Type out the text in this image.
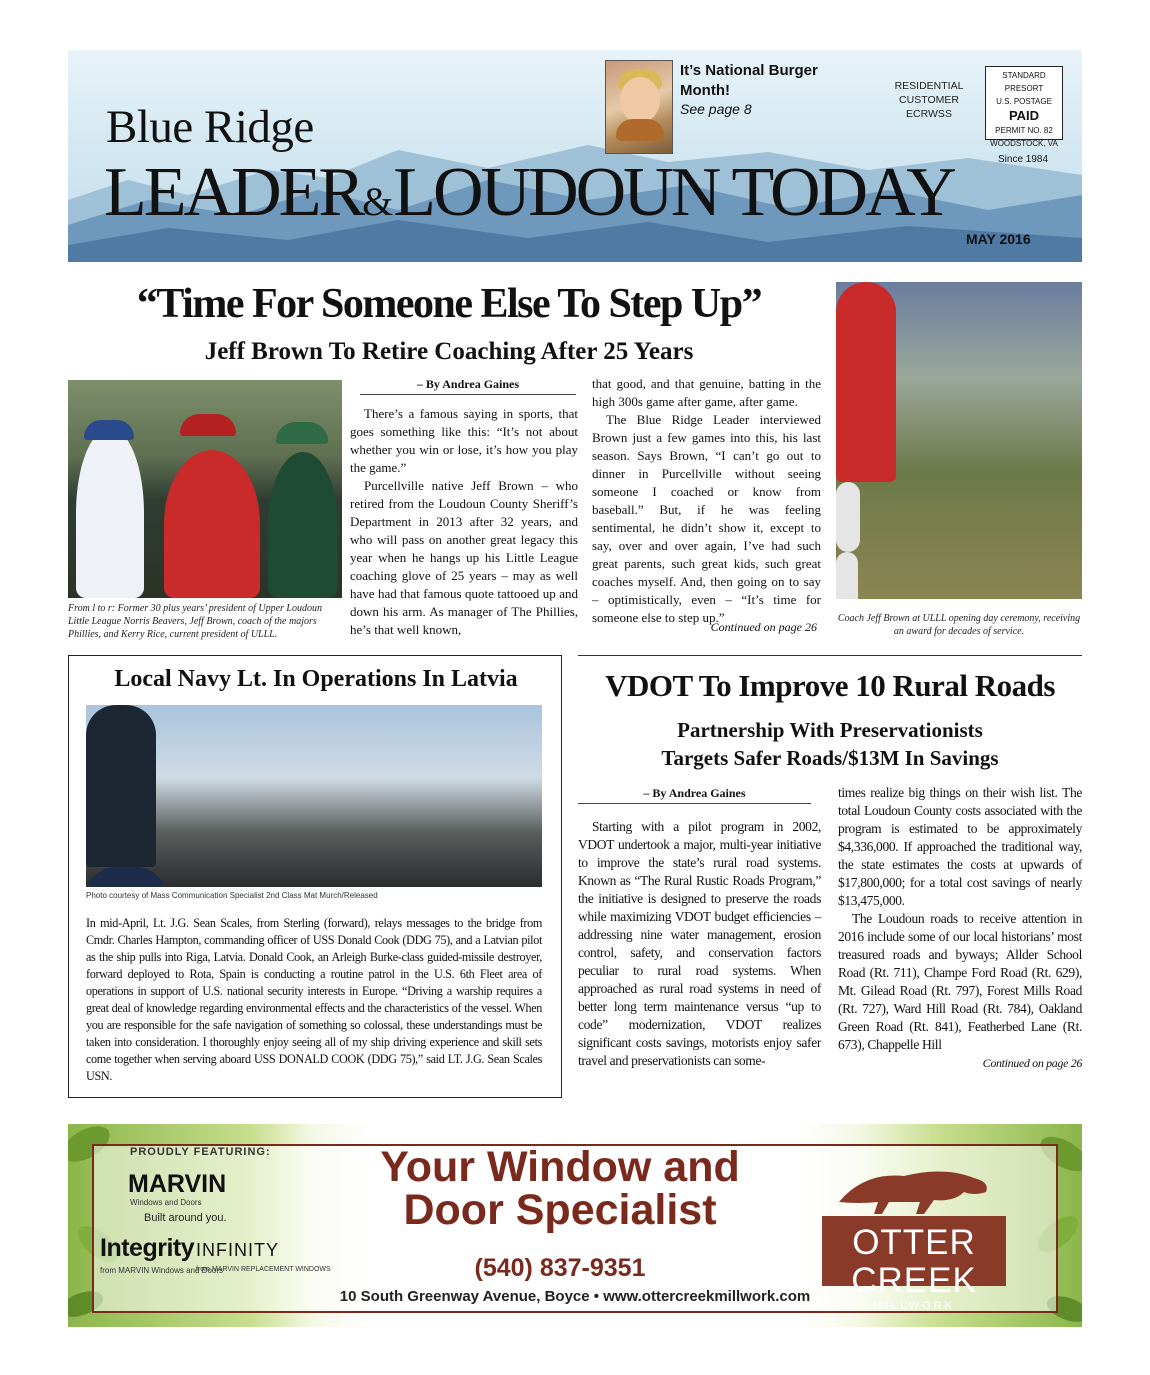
It’s National Burger Month!
See page 8
RESIDENTIAL
CUSTOMER
ECRWSS
STANDARD PRESORT
U.S. POSTAGE
PAID
PERMIT NO. 82
WOODSTOCK, VA
Blue Ridge
Since 1984
LEADER&LOUDOUN TODAY
MAY 2016
“Time For Someone Else To Step Up”
Jeff Brown To Retire Coaching After 25 Years
From l to r: Former 30 plus years’ president of Upper Loudoun Little League Norris Beavers, Jeff Brown, coach of the majors Phillies, and Kerry Rice, current president of ULLL.
– By Andrea Gaines

There’s a famous saying in sports, that goes something like this: “It’s not about whether you win or lose, it’s how you play the game.”

Purcellville native Jeff Brown – who retired from the Loudoun County Sheriff’s Department in 2013 after 32 years, and who will pass on another great legacy this year when he hangs up his Little League coaching glove of 25 years – may as well have had that famous quote tattooed up and down his arm. As manager of The Phillies, he’s that well known,

that good, and that genuine, batting in the high 300s game after game, after game.

The Blue Ridge Leader interviewed Brown just a few games into this, his last season. Says Brown, “I can’t go out to dinner in Purcellville without seeing someone I coached or know from baseball.” But, if he was feeling sentimental, he didn’t show it, except to say, over and over again, I’ve had such great parents, such great kids, such great coaches myself. And, then going on to say – optimistically, even – “It’s time for someone else to step up.”

Continued on page 26
Coach Jeff Brown at ULLL opening day ceremony, receiving an award for decades of service.
Local Navy Lt. In Operations In Latvia
Photo courtesy of Mass Communication Specialist 2nd Class Mat Murch/Released
In mid-April, Lt. J.G. Sean Scales, from Sterling (forward), relays messages to the bridge from Cmdr. Charles Hampton, commanding officer of USS Donald Cook (DDG 75), and a Latvian pilot as the ship pulls into Riga, Latvia. Donald Cook, an Arleigh Burke-class guided-missile destroyer, forward deployed to Rota, Spain is conducting a routine patrol in the U.S. 6th Fleet area of operations in support of U.S. national security interests in Europe. “Driving a warship requires a great deal of knowledge regarding environmental effects and the characteristics of the vessel. When you are responsible for the safe navigation of something so colossal, these understandings must be taken into consideration. I thoroughly enjoy seeing all of my ship driving experience and skill sets come together when serving aboard USS DONALD COOK (DDG 75),” said LT. J.G. Sean Scales USN.
VDOT To Improve 10 Rural Roads
Partnership With Preservationists
Targets Safer Roads/$13M In Savings
– By Andrea Gaines

Starting with a pilot program in 2002, VDOT undertook a major, multi-year initiative to improve the state’s rural road systems. Known as “The Rural Rustic Roads Program,” the initiative is designed to preserve the roads while maximizing VDOT budget efficiencies – addressing nine water management, erosion control, safety, and conservation factors peculiar to rural road systems. When approached as rural road systems in need of better long term maintenance versus “up to code” modernization, VDOT realizes significant costs savings, motorists enjoy safer travel and preservationists can some-

times realize big things on their wish list. The total Loudoun County costs associated with the program is estimated to be approximately $4,336,000. If approached the traditional way, the state estimates the costs at upwards of $17,800,000; for a total cost savings of nearly $13,475,000.

The Loudoun roads to receive attention in 2016 include some of our local historians’ most treasured roads and byways; Allder School Road (Rt. 711), Champe Ford Road (Rt. 629), Mt. Gilead Road (Rt. 797), Forest Mills Road (Rt. 727), Ward Hill Road (Rt. 784), Oakland Green Road (Rt. 841), Featherbed Lane (Rt. 673), Chappelle Hill

Continued on page 26
PROUDLY FEATURING:
MARVIN
Windows and Doors
Built around you.
Integrity INFINITY
from MARVIN Windows and Doors
from MARVIN REPLACEMENT WINDOWS
Your Window and
Door Specialist
(540) 837-9351
10 South Greenway Avenue, Boyce • www.ottercreekmillwork.com
OTTER CREEK
MILLWORK
